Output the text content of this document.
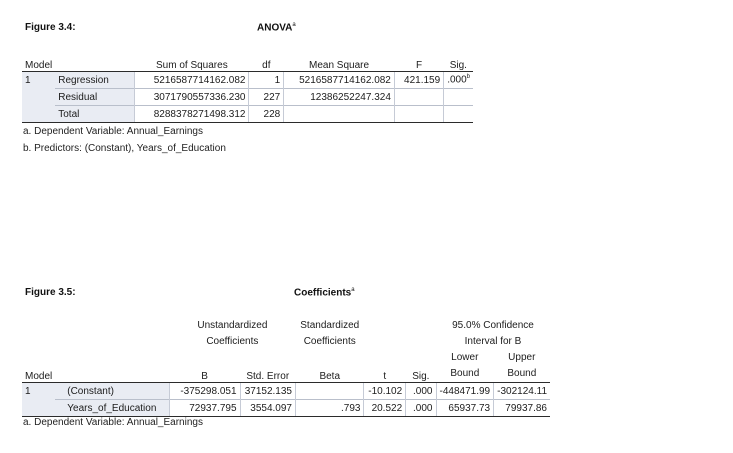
Figure 3.4:	ANOVA$^a$
Model		Sum of Squares	df	Mean Square	F	Sig.
1	Regression	5216587714162.082	1	5216587714162.082	421.159	.000$^b$
	Residual	3071790557336.230	227	12386252247.324		
	Total	8288378271498.312	228			
a. Dependent Variable: Annual_Earnings
b. Predictors: (Constant), Years_of_Education
Figure 3.5:	Coefficients$^a$
		Unstandardized Coefficients		Standardized Coefficients			95.0% Confidence Interval for B	
Model		B	Std. Error	Beta	t	Sig.	Lower Bound	Upper Bound
1	(Constant)	-375298.051	37152.135		-10.102	.000	-448471.99	-302124.11
	Years_of_Education	72937.795	3554.097	.793	20.522	.000	65937.73	79937.86
a. Dependent Variable: Annual_Earnings
